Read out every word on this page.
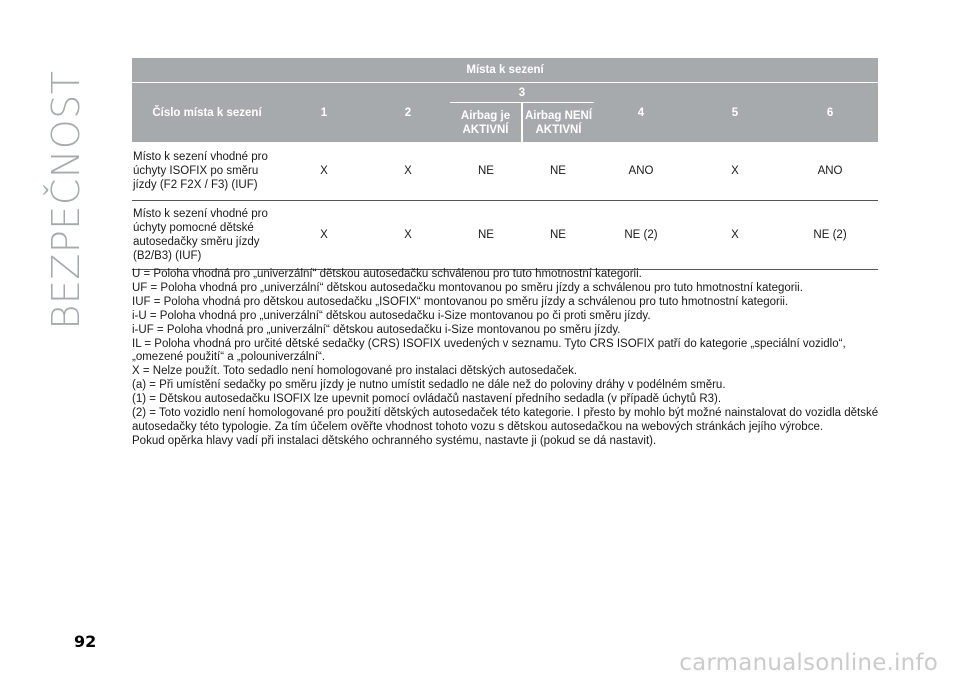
BEZPEČNOST
Místa k sezení							
Číslo místa k sezení	1	2	3		4	5	6
			Airbag je AKTIVNÍ	Airbag NENÍ AKTIVNÍ			
Místo k sezení vhodné pro úchyty ISOFIX po směru jízdy (F2 F2X / F3) (IUF)	X	X	NE	NE	ANO	X	ANO
Místo k sezení vhodné pro úchyty pomocné dětské autosedačky směru jízdy (B2/B3) (IUF)	X	X	NE	NE	NE (2)	X	NE (2)

U = Poloha vhodná pro „univerzální“ dětskou autosedačku schválenou pro tuto hmotnostní kategorii.

UF = Poloha vhodná pro „univerzální“ dětskou autosedačku montovanou po směru jízdy a schválenou pro tuto hmotnostní kategorii.

IUF = Poloha vhodná pro dětskou autosedačku „ISOFIX“ montovanou po směru jízdy a schválenou pro tuto hmotnostní kategorii.

i-U = Poloha vhodná pro „univerzální“ dětskou autosedačku i-Size montovanou po či proti směru jízdy.

i-UF = Poloha vhodná pro „univerzální“ dětskou autosedačku i-Size montovanou po směru jízdy.

IL = Poloha vhodná pro určité dětské sedačky (CRS) ISOFIX uvedených v seznamu. Tyto CRS ISOFIX patří do kategorie „speciální vozidlo“, „omezené použití“ a „polouniverzální“.

X = Nelze použít. Toto sedadlo není homologované pro instalaci dětských autosedaček.

(a) = Při umístění sedačky po směru jízdy je nutno umístit sedadlo ne dále než do poloviny dráhy v podélném směru.

(1) = Dětskou autosedačku ISOFIX lze upevnit pomocí ovládačů nastavení předního sedadla (v případě úchytů R3).

(2) = Toto vozidlo není homologované pro použití dětských autosedaček této kategorie. I přesto by mohlo být možné nainstalovat do vozidla dětské autosedačky této typologie. Za tím účelem ověřte vhodnost tohoto vozu s dětskou autosedačkou na webových stránkách jejího výrobce.

Pokud opěrka hlavy vadí při instalaci dětského ochranného systému, nastavte ji (pokud se dá nastavit).

92
carmanualsonline.info
